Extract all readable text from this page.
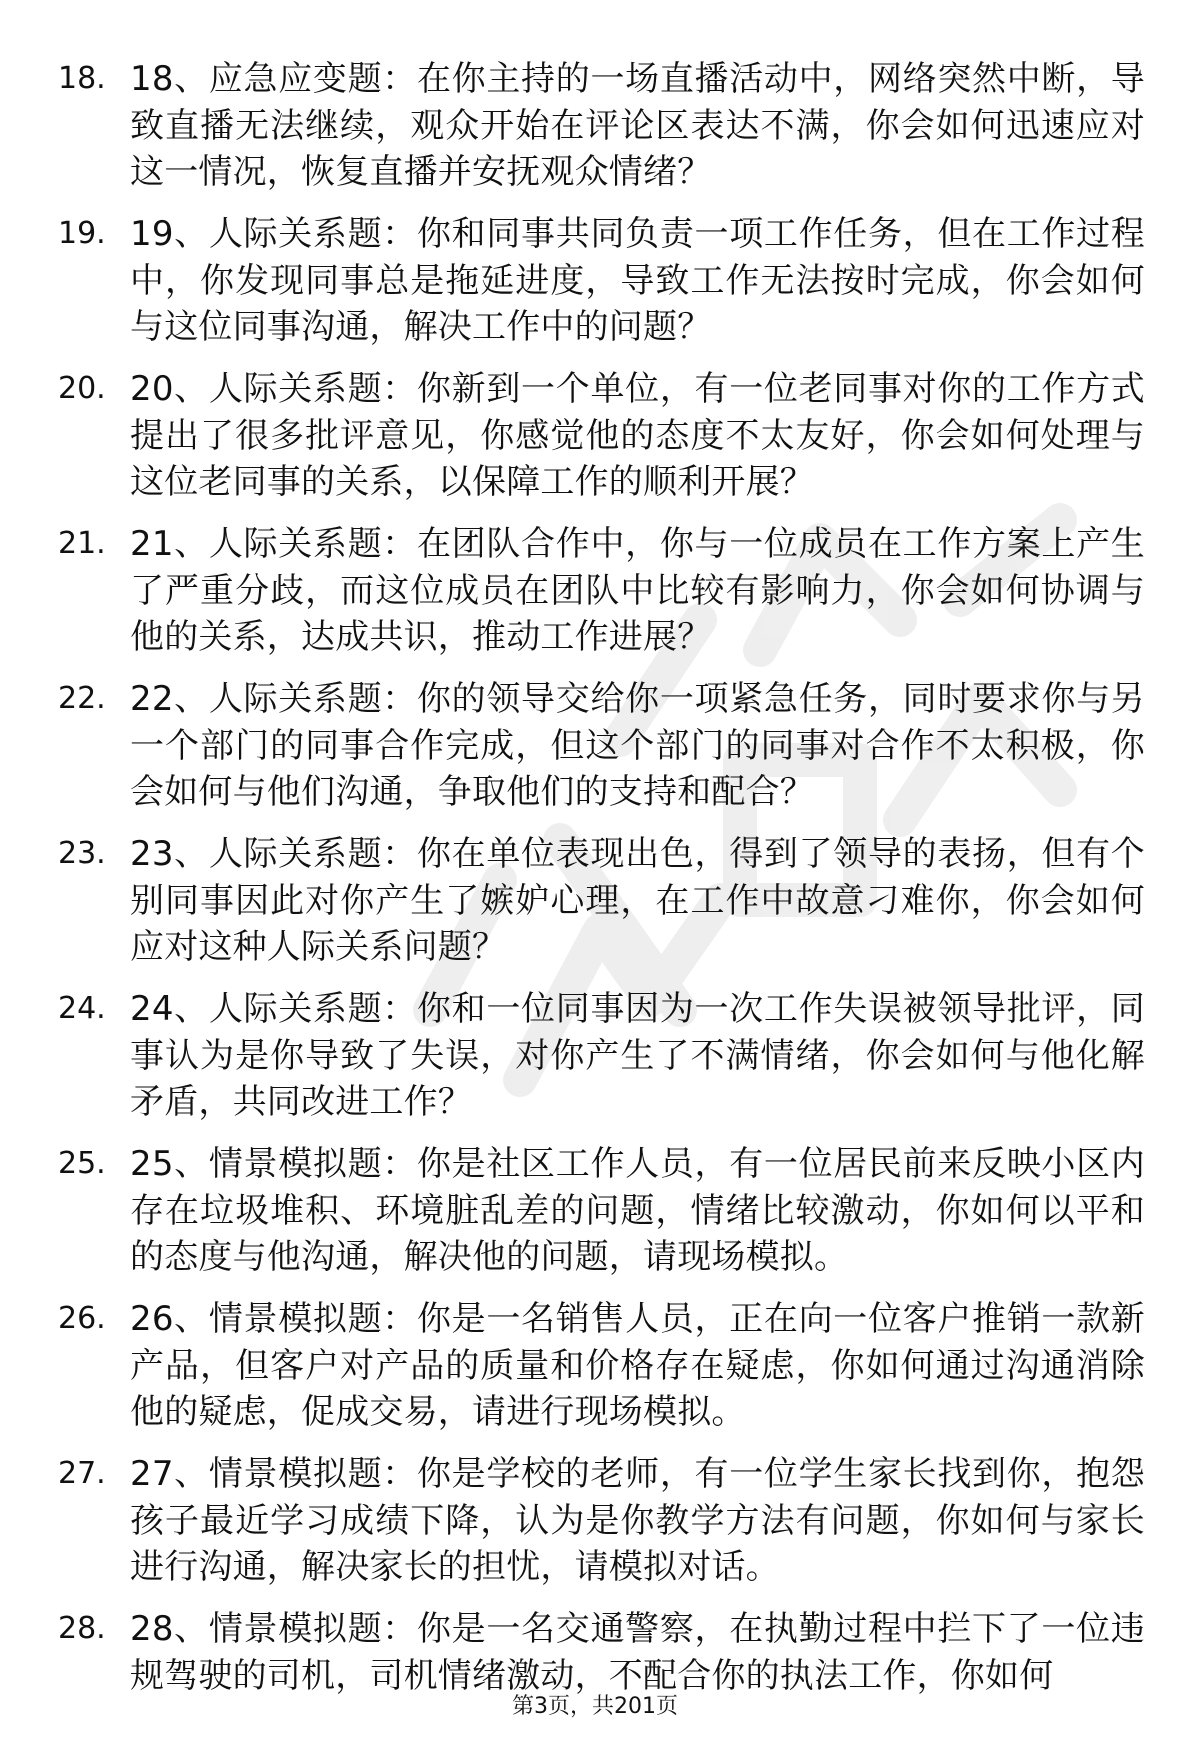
18. 18、应急应变题：在你主持的一场直播活动中，网络突然中断，导致直播无法继续，观众开始在评论区表达不满，你会如何迅速应对这一情况，恢复直播并安抚观众情绪？
19. 19、人际关系题：你和同事共同负责一项工作任务，但在工作过程中，你发现同事总是拖延进度，导致工作无法按时完成，你会如何与这位同事沟通，解决工作中的问题？
20. 20、人际关系题：你新到一个单位，有一位老同事对你的工作方式提出了很多批评意见，你感觉他的态度不太友好，你会如何处理与这位老同事的关系，以保障工作的顺利开展？
21. 21、人际关系题：在团队合作中，你与一位成员在工作方案上产生了严重分歧，而这位成员在团队中比较有影响力，你会如何协调与他的关系，达成共识，推动工作进展？
22. 22、人际关系题：你的领导交给你一项紧急任务，同时要求你与另一个部门的同事合作完成，但这个部门的同事对合作不太积极，你会如何与他们沟通，争取他们的支持和配合？
23. 23、人际关系题：你在单位表现出色，得到了领导的表扬，但有个别同事因此对你产生了嫉妒心理，在工作中故意刁难你，你会如何应对这种人际关系问题？
24. 24、人际关系题：你和一位同事因为一次工作失误被领导批评，同事认为是你导致了失误，对你产生了不满情绪，你会如何与他化解矛盾，共同改进工作？
25. 25、情景模拟题：你是社区工作人员，有一位居民前来反映小区内存在垃圾堆积、环境脏乱差的问题，情绪比较激动，你如何以平和的态度与他沟通，解决他的问题，请现场模拟。
26. 26、情景模拟题：你是一名销售人员，正在向一位客户推销一款新产品，但客户对产品的质量和价格存在疑虑，你如何通过沟通消除他的疑虑，促成交易，请进行现场模拟。
27. 27、情景模拟题：你是学校的老师，有一位学生家长找到你，抱怨孩子最近学习成绩下降，认为是你教学方法有问题，你如何与家长进行沟通，解决家长的担忧，请模拟对话。
28. 28、情景模拟题：你是一名交通警察，在执勤过程中拦下了一位违规驾驶的司机，司机情绪激动，不配合你的执法工作，你如何
第3页，共201页
